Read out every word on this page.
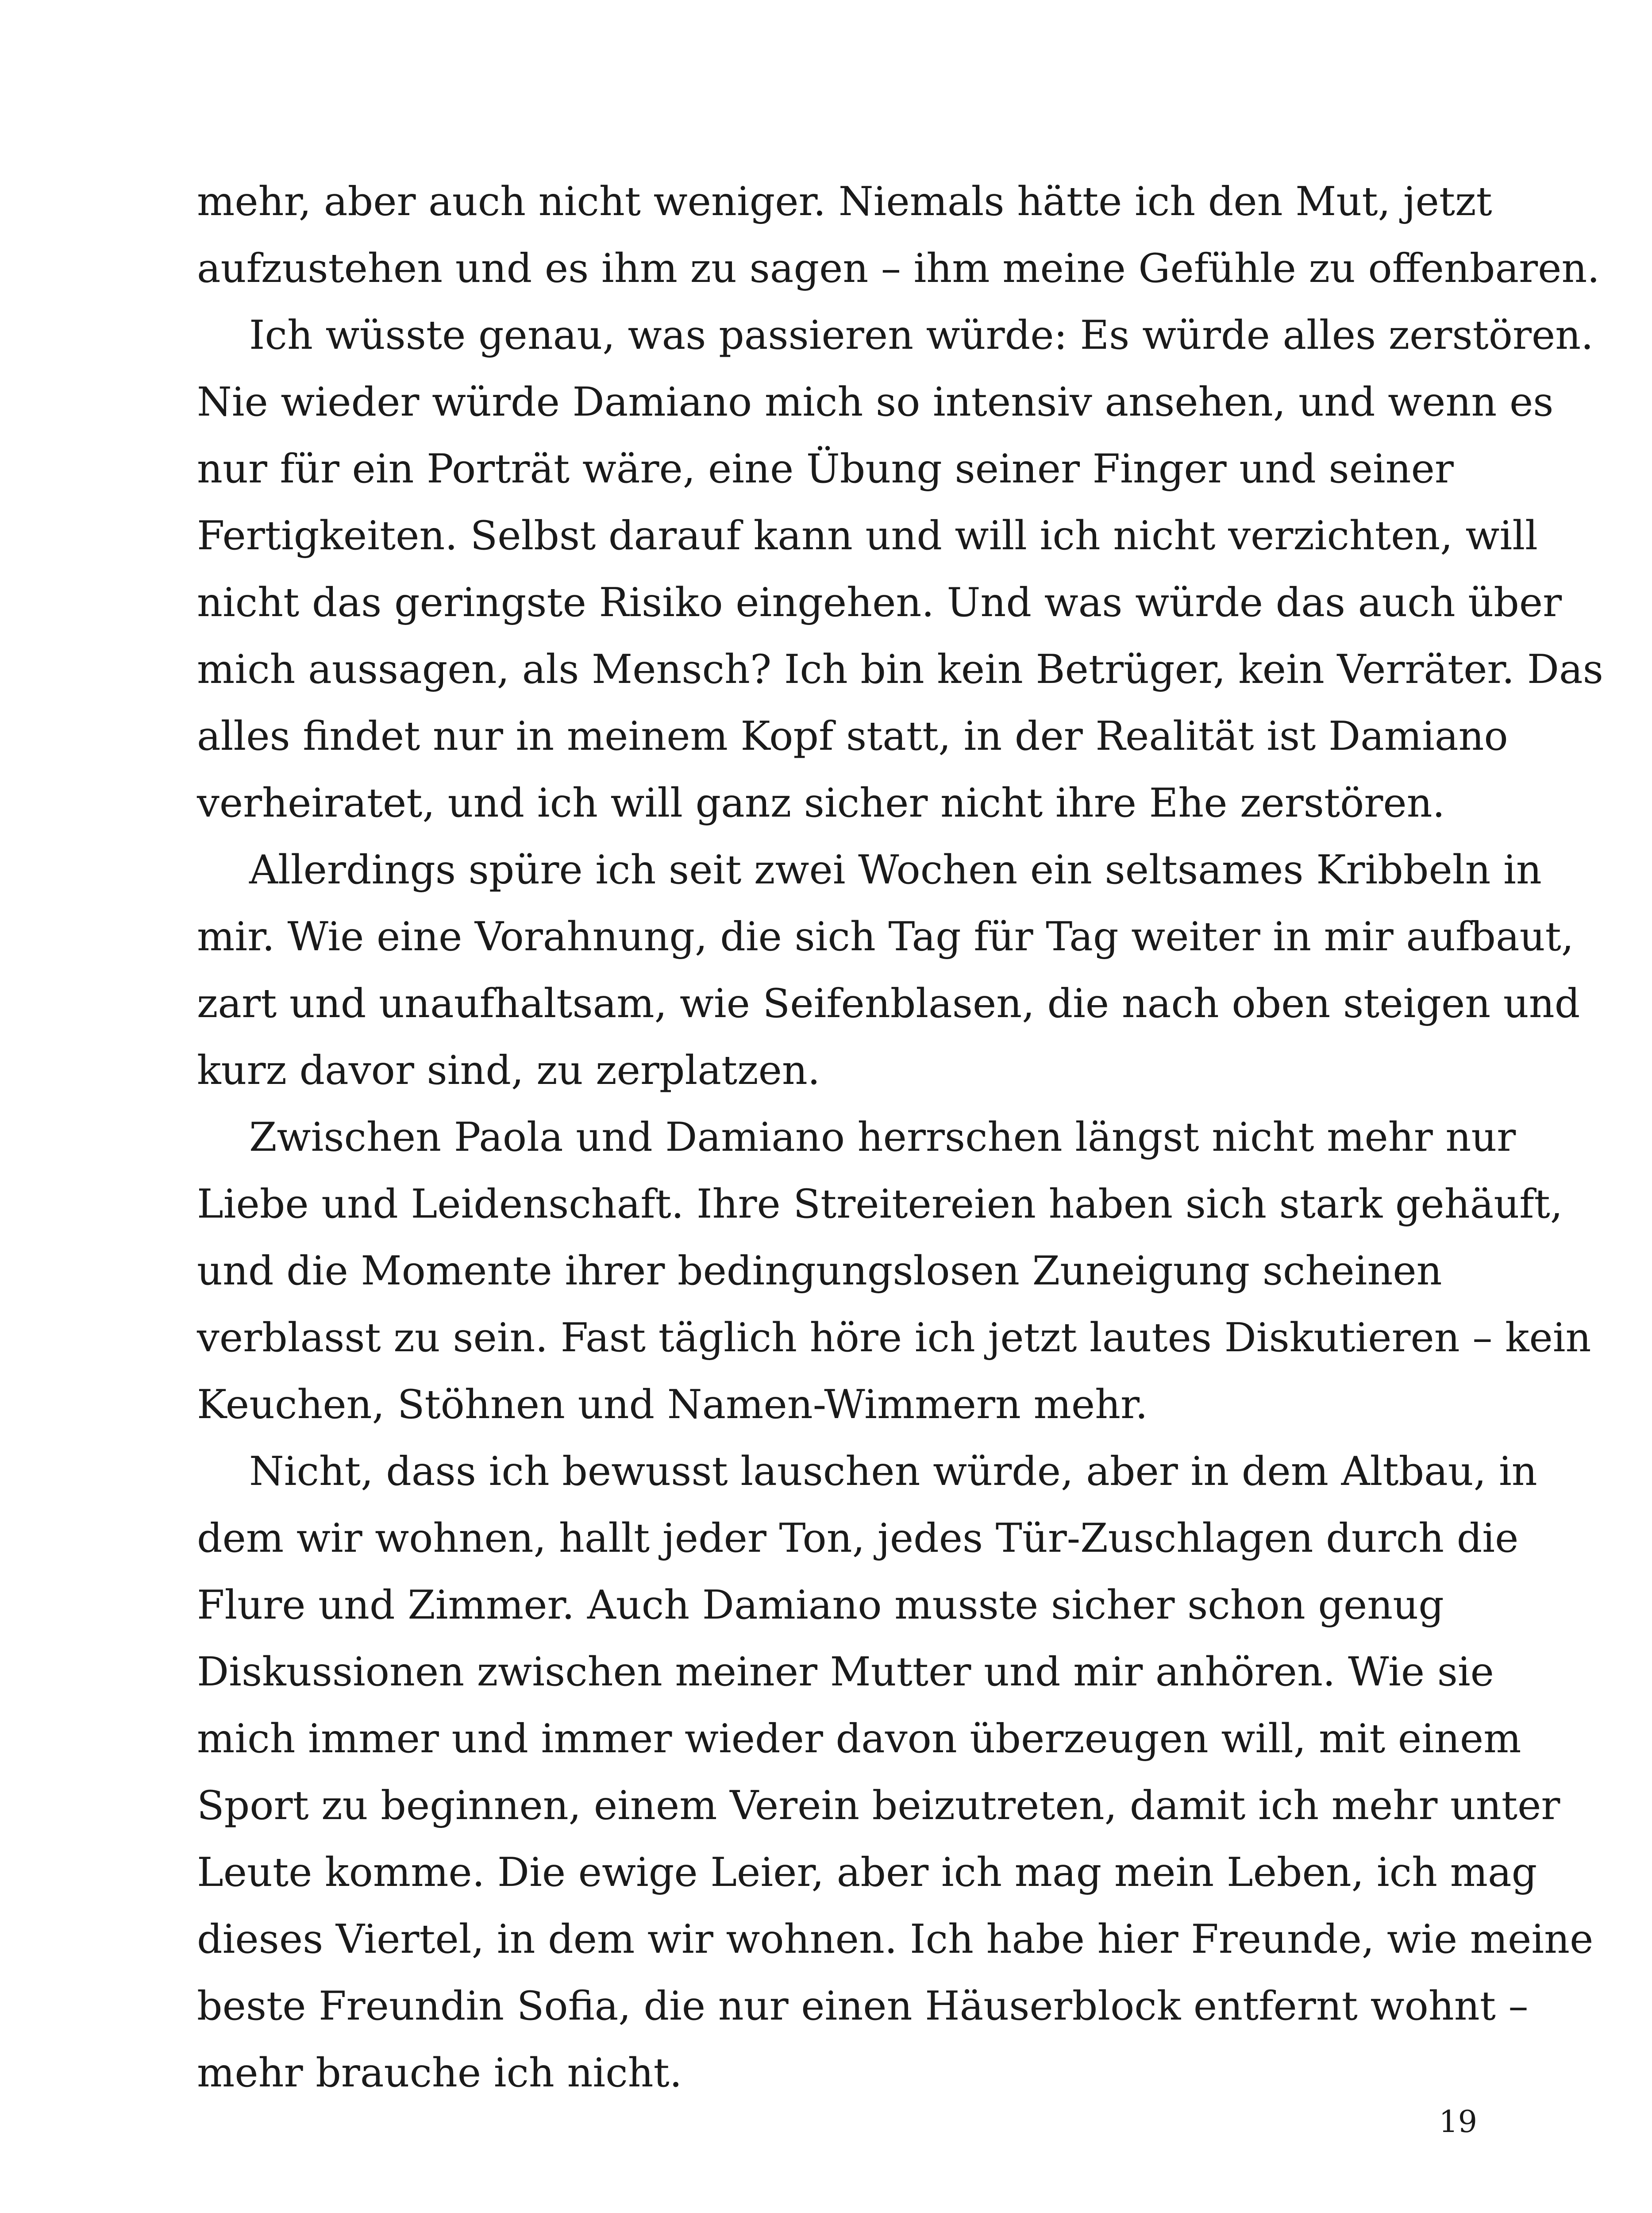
mehr, aber auch nicht weniger. Niemals hätte ich den Mut, jetzt
aufzustehen und es ihm zu sagen – ihm meine Gefühle zu offenbaren.
Ich wüsste genau, was passieren würde: Es würde alles zerstören.
Nie wieder würde Damiano mich so intensiv ansehen, und wenn es
nur für ein Porträt wäre, eine Übung seiner Finger und seiner
Fertigkeiten. Selbst darauf kann und will ich nicht verzichten, will
nicht das geringste Risiko eingehen. Und was würde das auch über
mich aussagen, als Mensch? Ich bin kein Betrüger, kein Verräter. Das
alles findet nur in meinem Kopf statt, in der Realität ist Damiano
verheiratet, und ich will ganz sicher nicht ihre Ehe zerstören.
Allerdings spüre ich seit zwei Wochen ein seltsames Kribbeln in
mir. Wie eine Vorahnung, die sich Tag für Tag weiter in mir aufbaut,
zart und unaufhaltsam, wie Seifenblasen, die nach oben steigen und
kurz davor sind, zu zerplatzen.
Zwischen Paola und Damiano herrschen längst nicht mehr nur
Liebe und Leidenschaft. Ihre Streitereien haben sich stark gehäuft,
und die Momente ihrer bedingungslosen Zuneigung scheinen
verblasst zu sein. Fast täglich höre ich jetzt lautes Diskutieren – kein
Keuchen, Stöhnen und Namen-Wimmern mehr.
Nicht, dass ich bewusst lauschen würde, aber in dem Altbau, in
dem wir wohnen, hallt jeder Ton, jedes Tür-Zuschlagen durch die
Flure und Zimmer. Auch Damiano musste sicher schon genug
Diskussionen zwischen meiner Mutter und mir anhören. Wie sie
mich immer und immer wieder davon überzeugen will, mit einem
Sport zu beginnen, einem Verein beizutreten, damit ich mehr unter
Leute komme. Die ewige Leier, aber ich mag mein Leben, ich mag
dieses Viertel, in dem wir wohnen. Ich habe hier Freunde, wie meine
beste Freundin Sofia, die nur einen Häuserblock entfernt wohnt –
mehr brauche ich nicht.
19
